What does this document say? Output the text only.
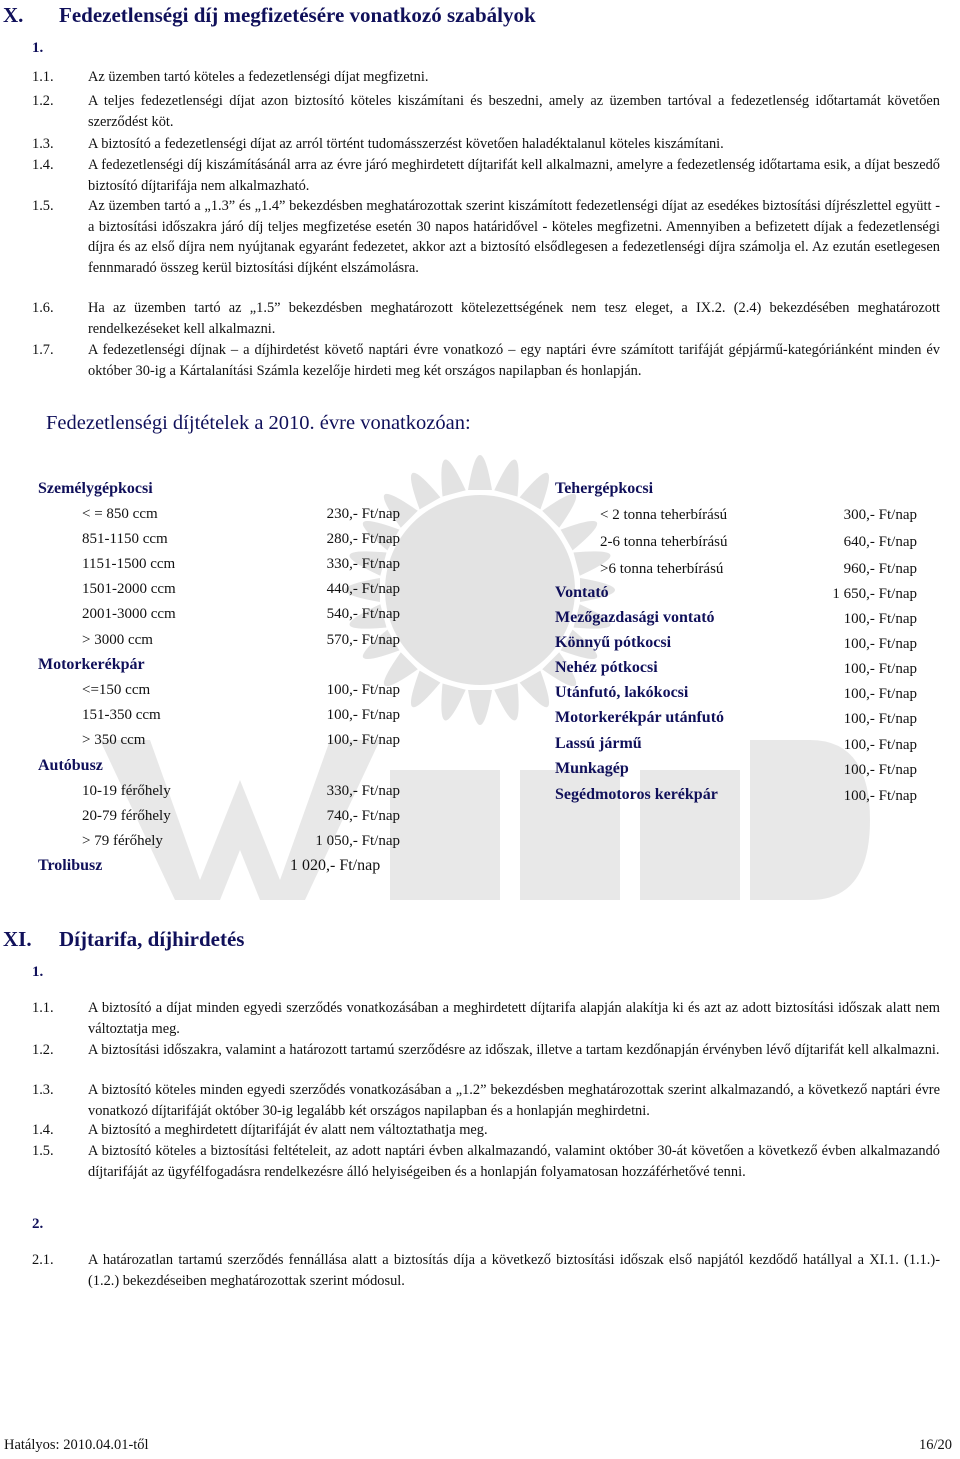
X. Fedezetlenségi díj megfizetésére vonatkozó szabályok
1.
1.1.	Az üzemben tartó köteles a fedezetlenségi díjat megfizetni.
1.2.	A teljes fedezetlenségi díjat azon biztosító köteles kiszámítani és beszedni, amely az üzemben tartóval a fedezetlenség időtartamát követően szerződést köt.
1.3.	A biztosító a fedezetlenségi díjat az arról történt tudomásszerzést követően haladéktalanul köteles kiszámítani.
1.4.	A fedezetlenségi díj kiszámításánál arra az évre járó meghirdetett díjtarifát kell alkalmazni, amelyre a fedezetlenség időtartama esik, a díjat beszedő biztosító díjtarifája nem alkalmazható.
1.5.	Az üzemben tartó a „1.3” és „1.4” bekezdésben meghatározottak szerint kiszámított fedezetlenségi díjat az esedékes biztosítási díjrészlettel együtt - a biztosítási időszakra járó díj teljes megfizetése esetén 30 napos határidővel - köteles megfizetni. Amennyiben a befizetett díjak a fedezetlenségi díjra és az első díjra nem nyújtanak egyaránt fedezetet, akkor azt a biztosító elsődlegesen a fedezetlenségi díjra számolja el. Az ezután esetlegesen fennmaradó összeg kerül biztosítási díjként elszámolásra.
1.6.	Ha az üzemben tartó az „1.5” bekezdésben meghatározott kötelezettségének nem tesz eleget, a IX.2. (2.4) bekezdésében meghatározott rendelkezéseket kell alkalmazni.
1.7.	A fedezetlenségi díjnak – a díjhirdetést követő naptári évre vonatkozó – egy naptári évre számított tarifáját gépjármű-kategóriánként minden év október 30-ig a Kártalanítási Számla kezelője hirdeti meg két országos napilapban és honlapján.
Fedezetlenségi díjtételek a 2010. évre vonatkozóan:
Személygépkocsi
< = 850 ccm	230,- Ft/nap
851-1150 ccm	280,- Ft/nap
1151-1500 ccm	330,- Ft/nap
1501-2000 ccm	440,- Ft/nap
2001-3000 ccm	540,- Ft/nap
> 3000 ccm	570,- Ft/nap
Motorkerékpár
<=150 ccm	100,- Ft/nap
151-350 ccm	100,- Ft/nap
> 350 ccm	100,- Ft/nap
Autóbusz
10-19 férőhely	330,- Ft/nap
20-79 férőhely	740,- Ft/nap
> 79 férőhely	1 050,- Ft/nap
Trolibusz	1 020,- Ft/nap
Tehergépkocsi
< 2 tonna teherbírású	300,- Ft/nap
2-6 tonna teherbírású	640,- Ft/nap
>6 tonna teherbírású	960,- Ft/nap
Vontató	1 650,- Ft/nap
Mezőgazdasági vontató	100,- Ft/nap
Könnyű pótkocsi	100,- Ft/nap
Nehéz pótkocsi	100,- Ft/nap
Utánfutó, lakókocsi	100,- Ft/nap
Motorkerékpár utánfutó	100,- Ft/nap
Lassú jármű	100,- Ft/nap
Munkagép	100,- Ft/nap
Segédmotoros kerékpár	100,- Ft/nap
XI. Díjtarifa, díjhirdetés
1.
1.1.	A biztosító a díjat minden egyedi szerződés vonatkozásában a meghirdetett díjtarifa alapján alakítja ki és azt az adott biztosítási időszak alatt nem változtatja meg.
1.2.	A biztosítási időszakra, valamint a határozott tartamú szerződésre az időszak, illetve a tartam kezdőnapján érvényben lévő díjtarifát kell alkalmazni.
1.3.	A biztosító köteles minden egyedi szerződés vonatkozásában a „1.2” bekezdésben meghatározottak szerint alkalmazandó, a következő naptári évre vonatkozó díjtarifáját október 30-ig legalább két országos napilapban és a honlapján meghirdetni.
1.4.	A biztosító a meghirdetett díjtarifáját év alatt nem változtathatja meg.
1.5.	A biztosító köteles a biztosítási feltételeit, az adott naptári évben alkalmazandó, valamint október 30-át követően a következő évben alkalmazandó díjtarifáját az ügyfélfogadásra rendelkezésre álló helyiségeiben és a honlapján folyamatosan hozzáférhetővé tenni.
2.
2.1.	A határozatlan tartamú szerződés fennállása alatt a biztosítás díja a következő biztosítási időszak első napjától kezdődő hatállyal a XI.1. (1.1.)-(1.2.) bekezdéseiben meghatározottak szerint módosul.
Hatályos: 2010.04.01-től	16/20
